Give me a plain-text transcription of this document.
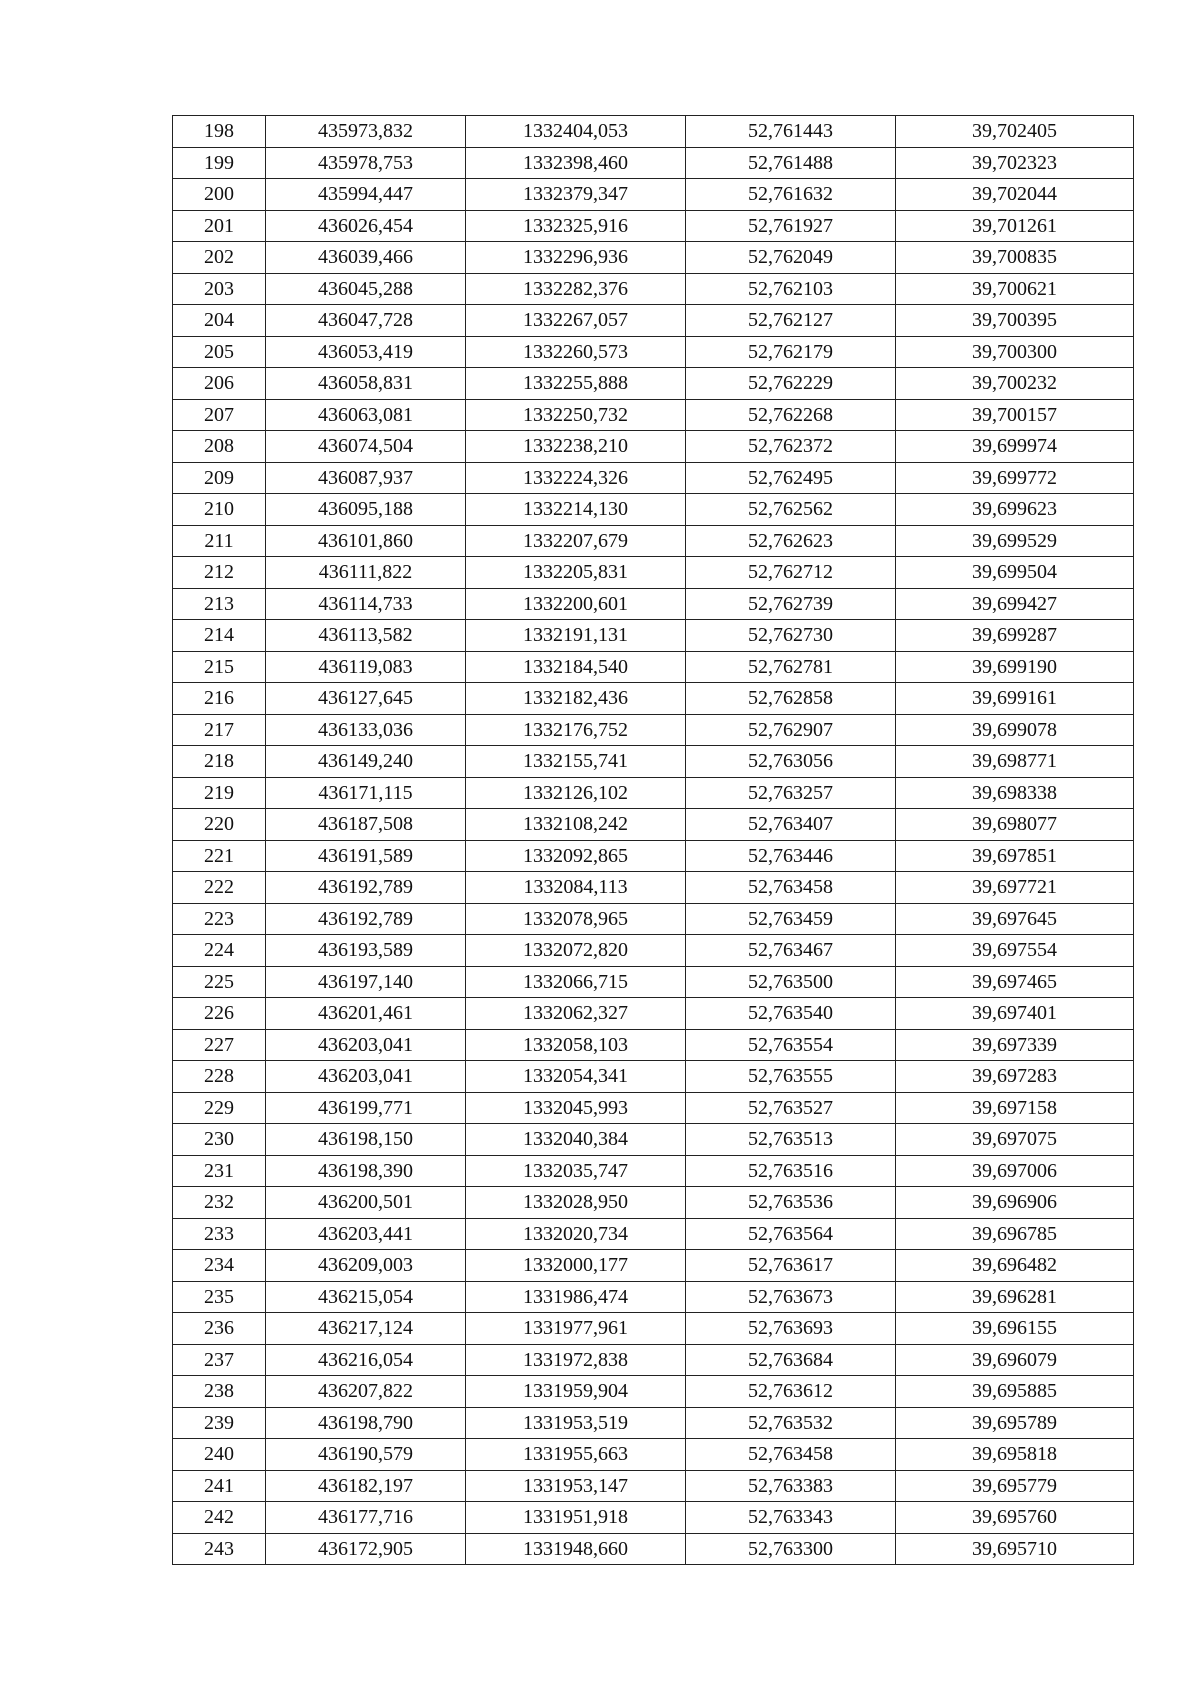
198	435973,832	1332404,053	52,761443	39,702405
199	435978,753	1332398,460	52,761488	39,702323
200	435994,447	1332379,347	52,761632	39,702044
201	436026,454	1332325,916	52,761927	39,701261
202	436039,466	1332296,936	52,762049	39,700835
203	436045,288	1332282,376	52,762103	39,700621
204	436047,728	1332267,057	52,762127	39,700395
205	436053,419	1332260,573	52,762179	39,700300
206	436058,831	1332255,888	52,762229	39,700232
207	436063,081	1332250,732	52,762268	39,700157
208	436074,504	1332238,210	52,762372	39,699974
209	436087,937	1332224,326	52,762495	39,699772
210	436095,188	1332214,130	52,762562	39,699623
211	436101,860	1332207,679	52,762623	39,699529
212	436111,822	1332205,831	52,762712	39,699504
213	436114,733	1332200,601	52,762739	39,699427
214	436113,582	1332191,131	52,762730	39,699287
215	436119,083	1332184,540	52,762781	39,699190
216	436127,645	1332182,436	52,762858	39,699161
217	436133,036	1332176,752	52,762907	39,699078
218	436149,240	1332155,741	52,763056	39,698771
219	436171,115	1332126,102	52,763257	39,698338
220	436187,508	1332108,242	52,763407	39,698077
221	436191,589	1332092,865	52,763446	39,697851
222	436192,789	1332084,113	52,763458	39,697721
223	436192,789	1332078,965	52,763459	39,697645
224	436193,589	1332072,820	52,763467	39,697554
225	436197,140	1332066,715	52,763500	39,697465
226	436201,461	1332062,327	52,763540	39,697401
227	436203,041	1332058,103	52,763554	39,697339
228	436203,041	1332054,341	52,763555	39,697283
229	436199,771	1332045,993	52,763527	39,697158
230	436198,150	1332040,384	52,763513	39,697075
231	436198,390	1332035,747	52,763516	39,697006
232	436200,501	1332028,950	52,763536	39,696906
233	436203,441	1332020,734	52,763564	39,696785
234	436209,003	1332000,177	52,763617	39,696482
235	436215,054	1331986,474	52,763673	39,696281
236	436217,124	1331977,961	52,763693	39,696155
237	436216,054	1331972,838	52,763684	39,696079
238	436207,822	1331959,904	52,763612	39,695885
239	436198,790	1331953,519	52,763532	39,695789
240	436190,579	1331955,663	52,763458	39,695818
241	436182,197	1331953,147	52,763383	39,695779
242	436177,716	1331951,918	52,763343	39,695760
243	436172,905	1331948,660	52,763300	39,695710
